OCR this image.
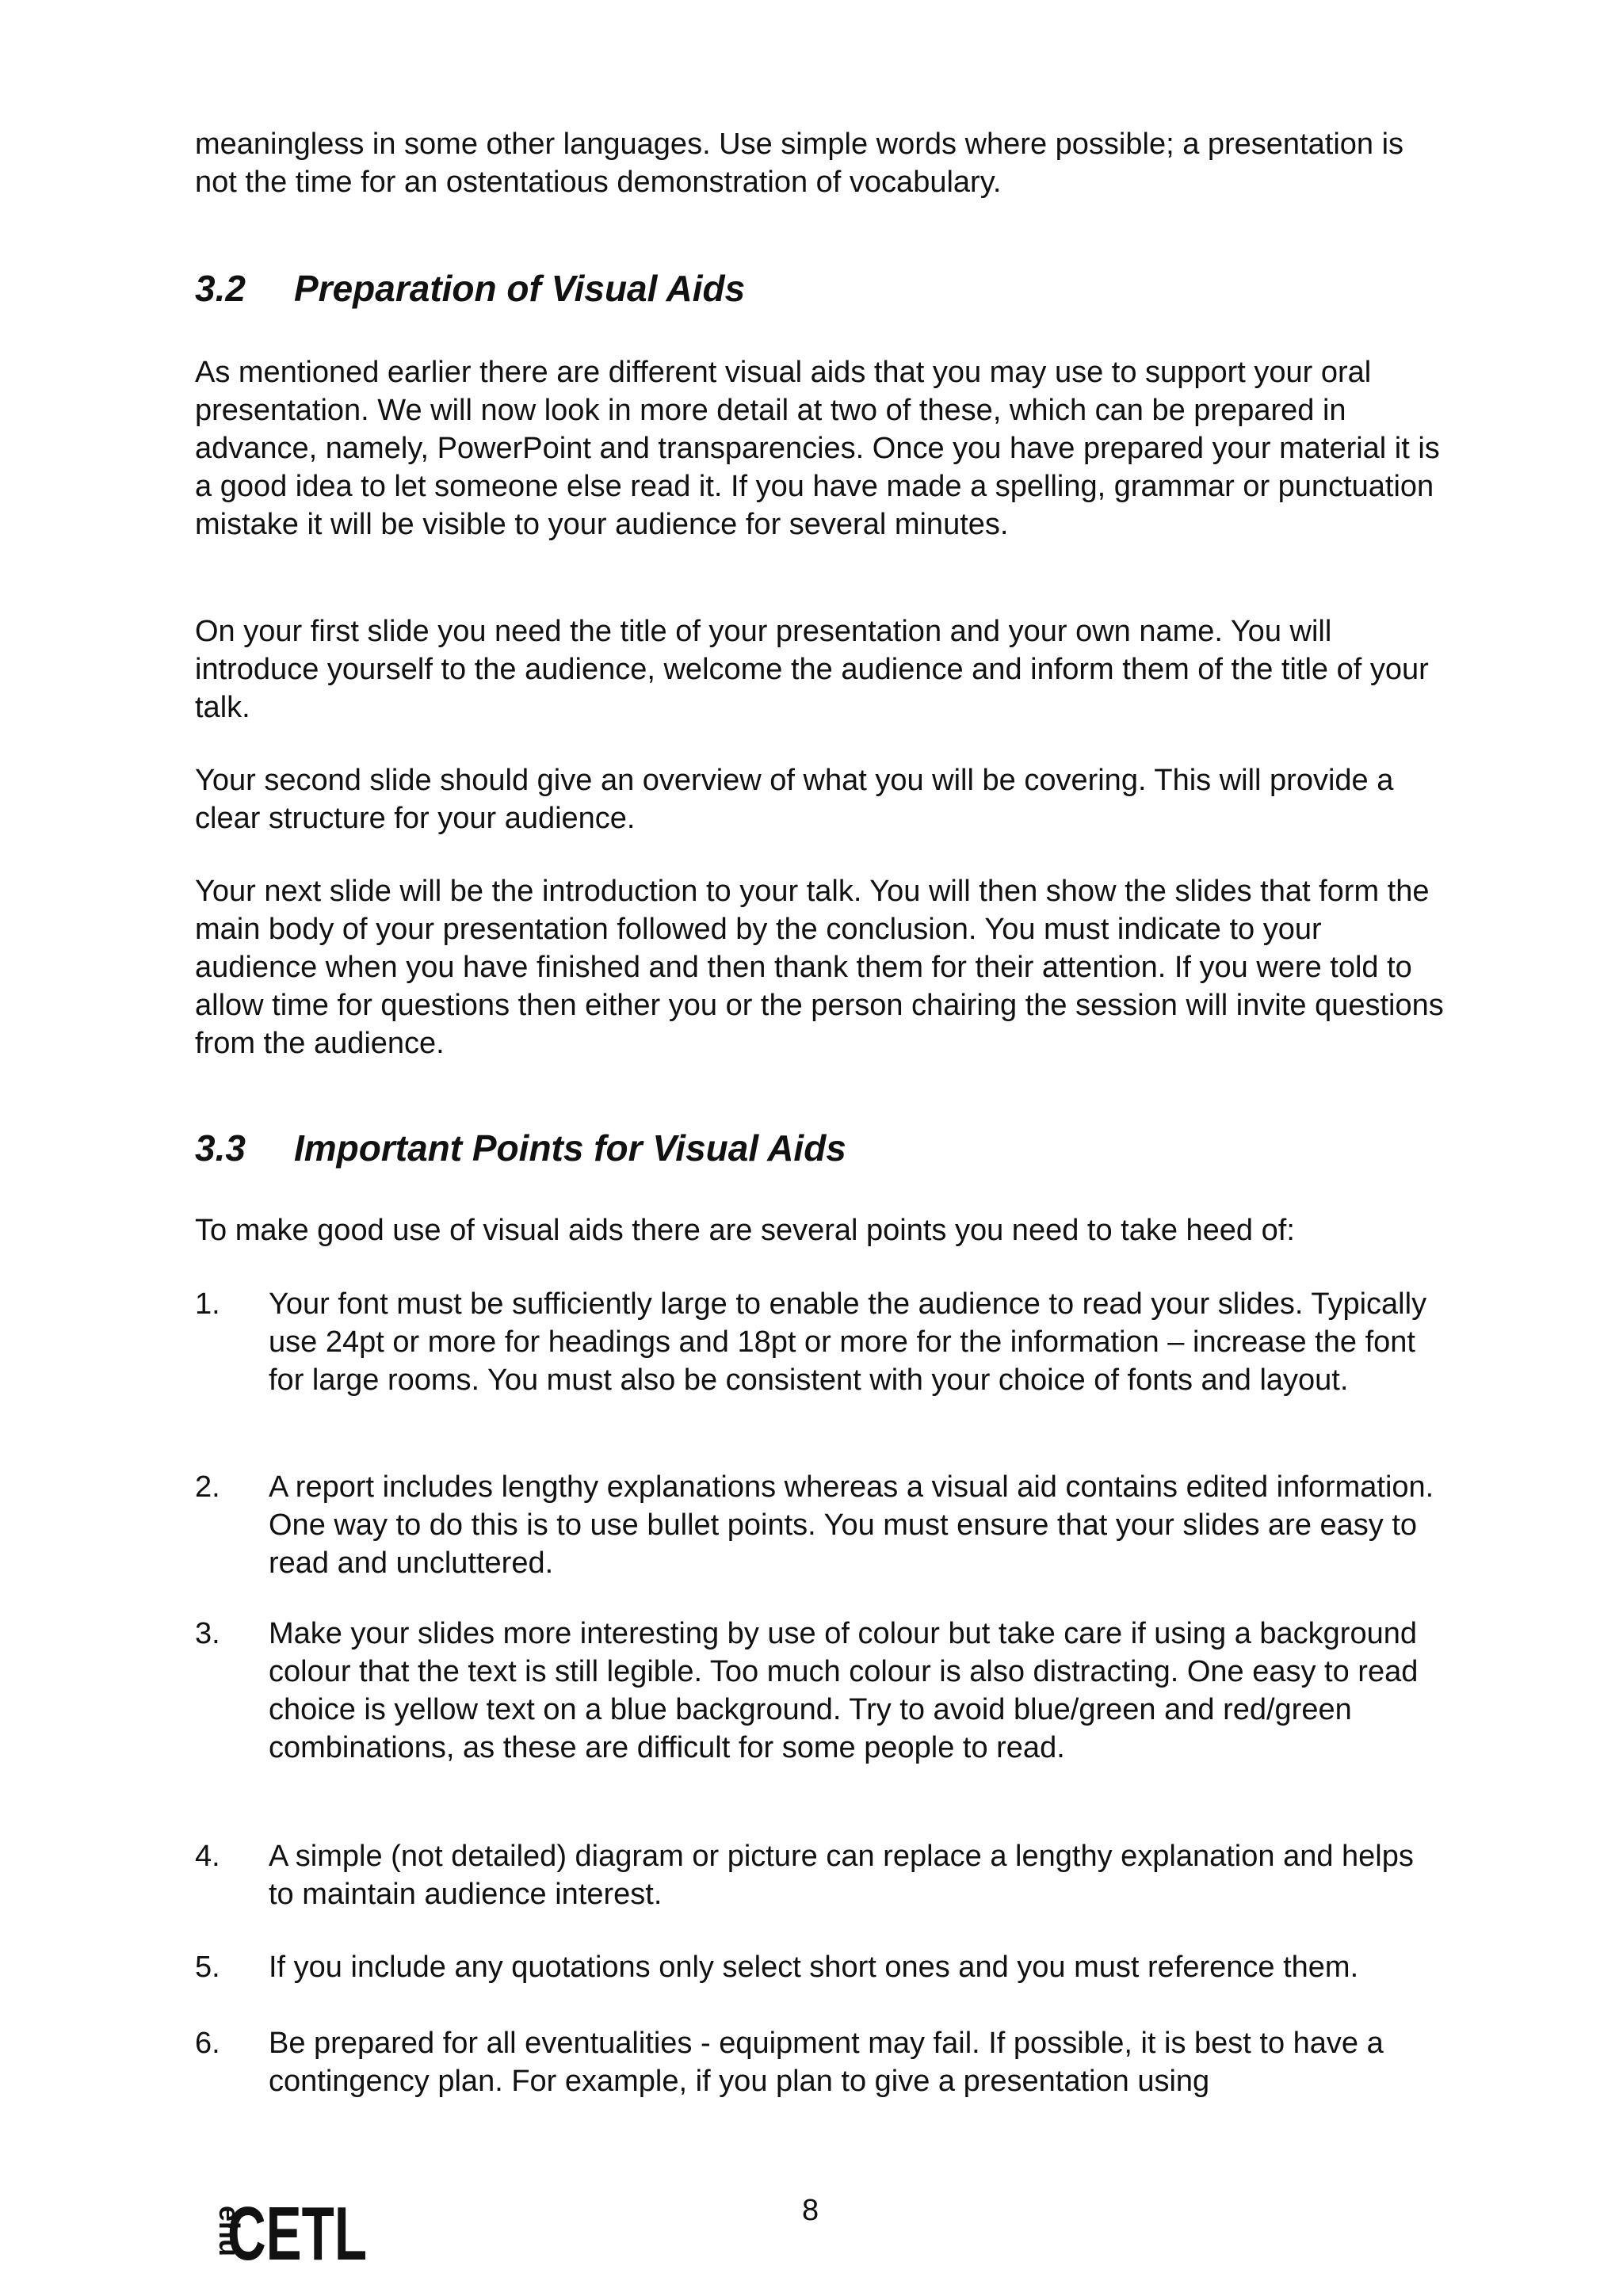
meaningless in some other languages. Use simple words where possible; a presentation is not the time for an ostentatious demonstration of vocabulary.

3.2 Preparation of Visual Aids

As mentioned earlier there are different visual aids that you may use to support your oral presentation. We will now look in more detail at two of these, which can be prepared in advance, namely, PowerPoint and transparencies. Once you have prepared your material it is a good idea to let someone else read it. If you have made a spelling, grammar or punctuation mistake it will be visible to your audience for several minutes.

On your first slide you need the title of your presentation and your own name. You will introduce yourself to the audience, welcome the audience and inform them of the title of your talk.

Your second slide should give an overview of what you will be covering. This will provide a clear structure for your audience.

Your next slide will be the introduction to your talk. You will then show the slides that form the main body of your presentation followed by the conclusion. You must indicate to your audience when you have finished and then thank them for their attention. If you were told to allow time for questions then either you or the person chairing the session will invite questions from the audience.

3.3 Important Points for Visual Aids

To make good use of visual aids there are several points you need to take heed of:

1. Your font must be sufficiently large to enable the audience to read your slides. Typically use 24pt or more for headings and 18pt or more for the information – increase the font for large rooms. You must also be consistent with your choice of fonts and layout.
2. A report includes lengthy explanations whereas a visual aid contains edited information. One way to do this is to use bullet points. You must ensure that your slides are easy to read and uncluttered.
3. Make your slides more interesting by use of colour but take care if using a background colour that the text is still legible. Too much colour is also distracting. One easy to read choice is yellow text on a blue background. Try to avoid blue/green and red/green combinations, as these are difficult for some people to read.
4. A simple (not detailed) diagram or picture can replace a lengthy explanation and helps to maintain audience interest.
5. If you include any quotations only select short ones and you must reference them.
6. Be prepared for all eventualities - equipment may fail. If possible, it is best to have a contingency plan. For example, if you plan to give a presentation using
ehu
CETL	8
